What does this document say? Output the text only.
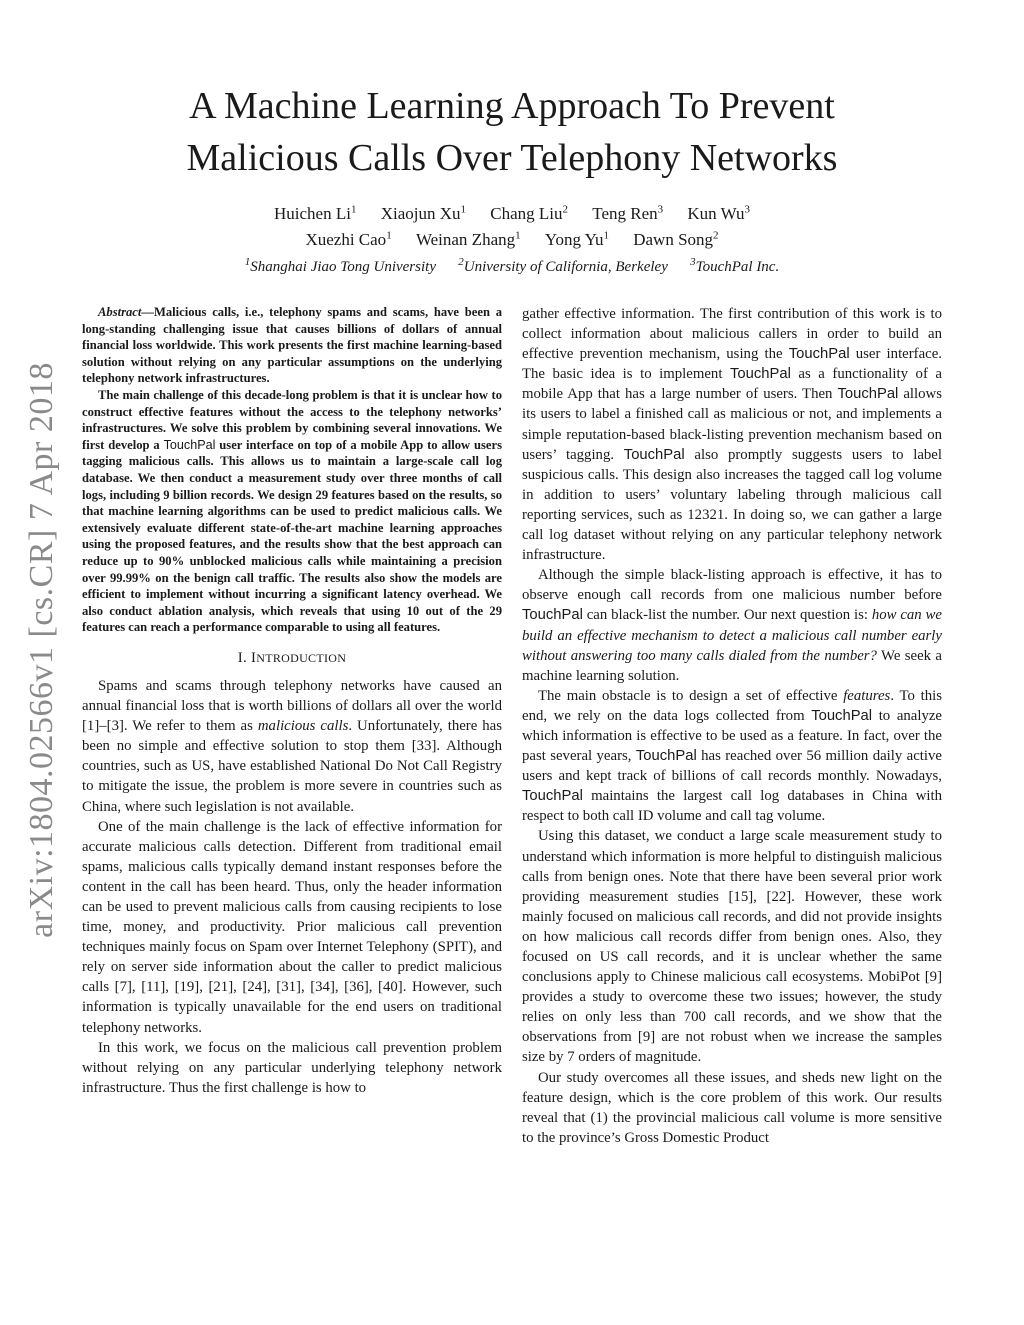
A Machine Learning Approach To Prevent
Malicious Calls Over Telephony Networks
Huichen Li$^1$ Xiaojun Xu$^1$ Chang Liu$^2$ Teng Ren$^3$ Kun Wu$^3$
Xuezhi Cao$^1$ Weinan Zhang$^1$ Yong Yu$^1$ Dawn Song$^2$
$^1$Shanghai Jiao Tong University $^2$University of California, Berkeley $^3$TouchPal Inc.
arXiv:1804.02566v1 [cs.CR] 7 Apr 2018

Abstract—Malicious calls, i.e., telephony spams and scams, have been a long-standing challenging issue that causes billions of dollars of annual financial loss worldwide. This work presents the first machine learning-based solution without relying on any particular assumptions on the underlying telephony network infrastructures.

The main challenge of this decade-long problem is that it is unclear how to construct effective features without the access to the telephony networks’ infrastructures. We solve this problem by combining several innovations. We first develop a TouchPal user interface on top of a mobile App to allow users tagging malicious calls. This allows us to maintain a large-scale call log database. We then conduct a measurement study over three months of call logs, including 9 billion records. We design 29 features based on the results, so that machine learning algorithms can be used to predict malicious calls. We extensively evaluate different state-of-the-art machine learning approaches using the proposed features, and the results show that the best approach can reduce up to 90% unblocked malicious calls while maintaining a precision over 99.99% on the benign call traffic. The results also show the models are efficient to implement without incurring a significant latency overhead. We also conduct ablation analysis, which reveals that using 10 out of the 29 features can reach a performance comparable to using all features.

I. INTRODUCTION

Spams and scams through telephony networks have caused an annual financial loss that is worth billions of dollars all over the world [1]–[3]. We refer to them as malicious calls. Unfortunately, there has been no simple and effective solution to stop them [33]. Although countries, such as US, have established National Do Not Call Registry to mitigate the issue, the problem is more severe in countries such as China, where such legislation is not available.

One of the main challenge is the lack of effective information for accurate malicious calls detection. Different from traditional email spams, malicious calls typically demand instant responses before the content in the call has been heard. Thus, only the header information can be used to prevent malicious calls from causing recipients to lose time, money, and productivity. Prior malicious call prevention techniques mainly focus on Spam over Internet Telephony (SPIT), and rely on server side information about the caller to predict malicious calls [7], [11], [19], [21], [24], [31], [34], [36], [40]. However, such information is typically unavailable for the end users on traditional telephony networks.

In this work, we focus on the malicious call prevention problem without relying on any particular underlying telephony network infrastructure. Thus the first challenge is how to

gather effective information. The first contribution of this work is to collect information about malicious callers in order to build an effective prevention mechanism, using the TouchPal user interface. The basic idea is to implement TouchPal as a functionality of a mobile App that has a large number of users. Then TouchPal allows its users to label a finished call as malicious or not, and implements a simple reputation-based black-listing prevention mechanism based on users’ tagging. TouchPal also promptly suggests users to label suspicious calls. This design also increases the tagged call log volume in addition to users’ voluntary labeling through malicious call reporting services, such as 12321. In doing so, we can gather a large call log dataset without relying on any particular telephony network infrastructure.

Although the simple black-listing approach is effective, it has to observe enough call records from one malicious number before TouchPal can black-list the number. Our next question is: how can we build an effective mechanism to detect a malicious call number early without answering too many calls dialed from the number? We seek a machine learning solution.

The main obstacle is to design a set of effective features. To this end, we rely on the data logs collected from TouchPal to analyze which information is effective to be used as a feature. In fact, over the past several years, TouchPal has reached over 56 million daily active users and kept track of billions of call records monthly. Nowadays, TouchPal maintains the largest call log databases in China with respect to both call ID volume and call tag volume.

Using this dataset, we conduct a large scale measurement study to understand which information is more helpful to distinguish malicious calls from benign ones. Note that there have been several prior work providing measurement studies [15], [22]. However, these work mainly focused on malicious call records, and did not provide insights on how malicious call records differ from benign ones. Also, they focused on US call records, and it is unclear whether the same conclusions apply to Chinese malicious call ecosystems. MobiPot [9] provides a study to overcome these two issues; however, the study relies on only less than 700 call records, and we show that the observations from [9] are not robust when we increase the samples size by 7 orders of magnitude.

Our study overcomes all these issues, and sheds new light on the feature design, which is the core problem of this work. Our results reveal that (1) the provincial malicious call volume is more sensitive to the province’s Gross Domestic Product
